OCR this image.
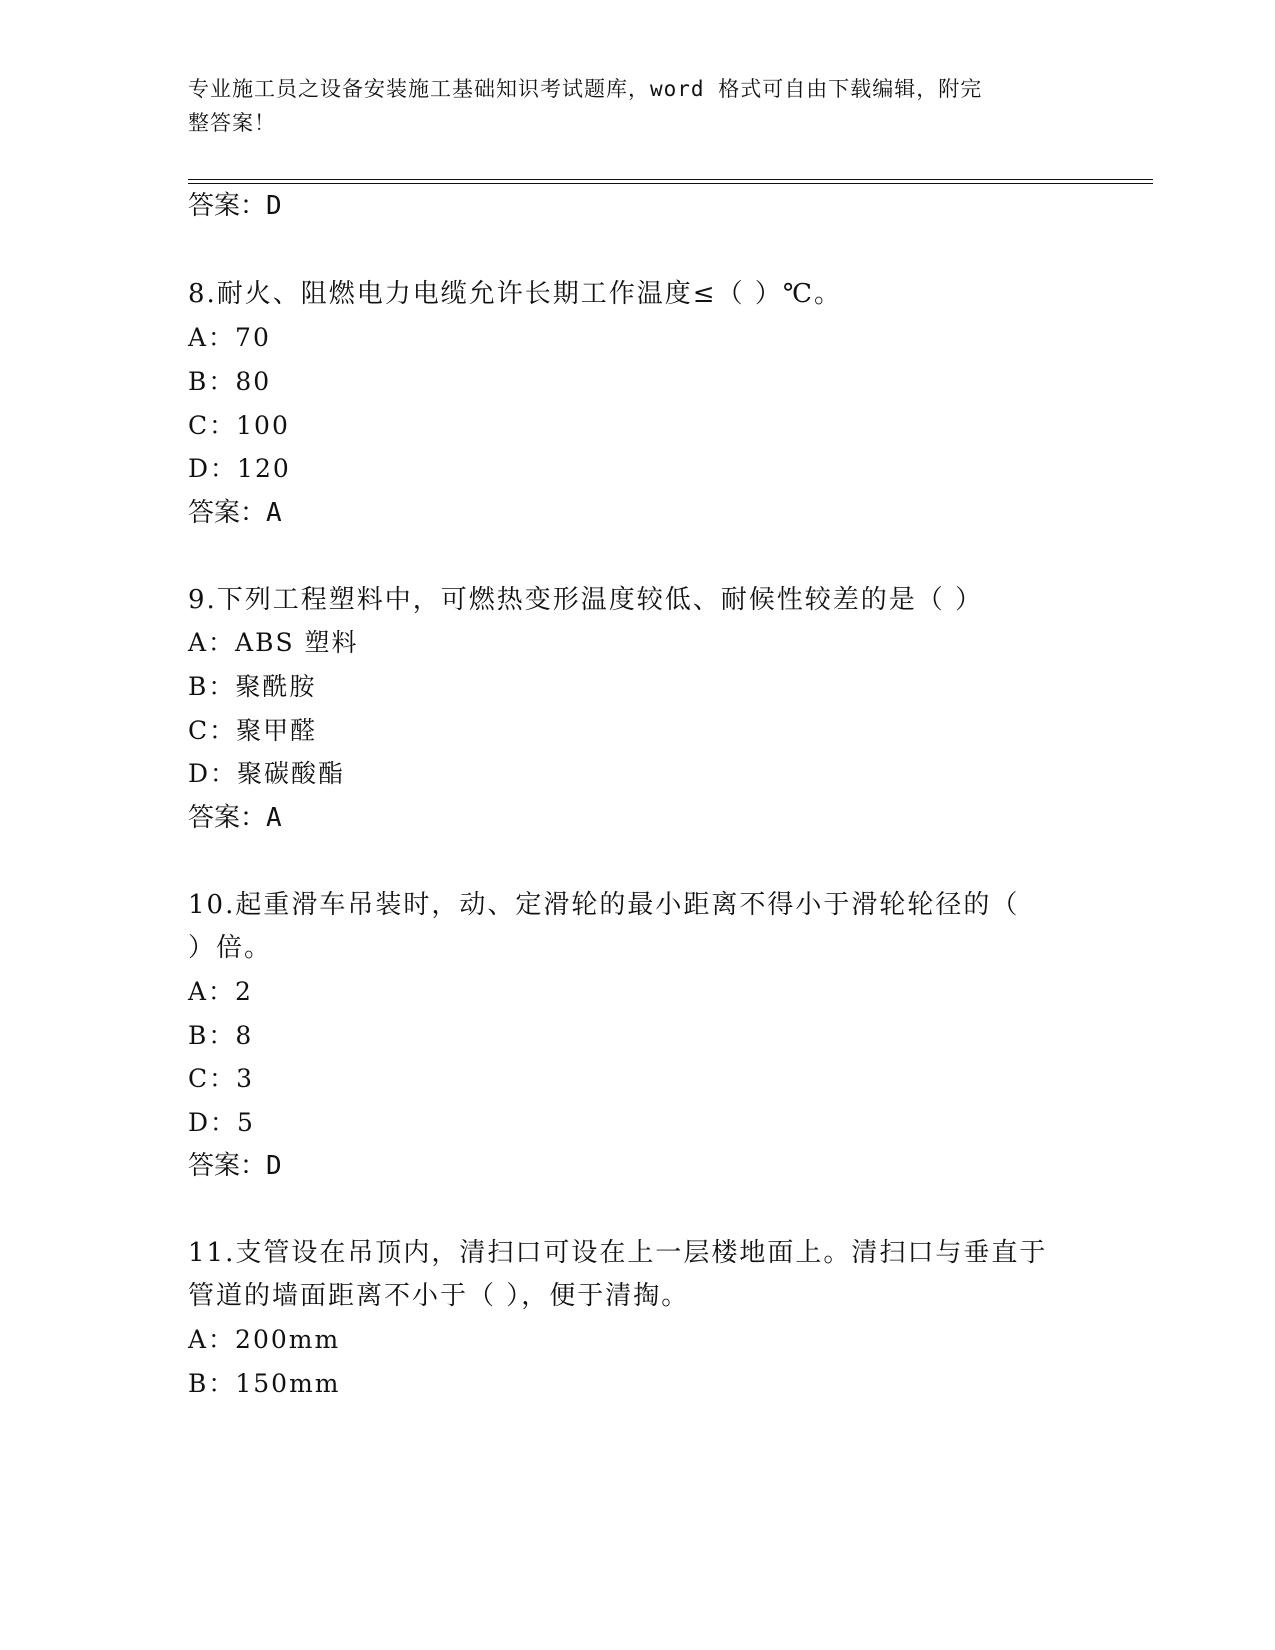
专业施工员之设备安装施工基础知识考试题库，word 格式可自由下载编辑，附完
整答案！
答案：D
8.耐火、阻燃电力电缆允许长期工作温度≤（ ）℃。
A：70
B：80
C：100
D：120
答案：A
9.下列工程塑料中，可燃热变形温度较低、耐候性较差的是（ ）
A：ABS 塑料
B：聚酰胺
C：聚甲醛
D：聚碳酸酯
答案：A
10.起重滑车吊装时，动、定滑轮的最小距离不得小于滑轮轮径的（
）倍。
A：2
B：8
C：3
D：5
答案：D
11.支管设在吊顶内，清扫口可设在上一层楼地面上。清扫口与垂直于
管道的墙面距离不小于（ ），便于清掏。
A：200mm
B：150mm
